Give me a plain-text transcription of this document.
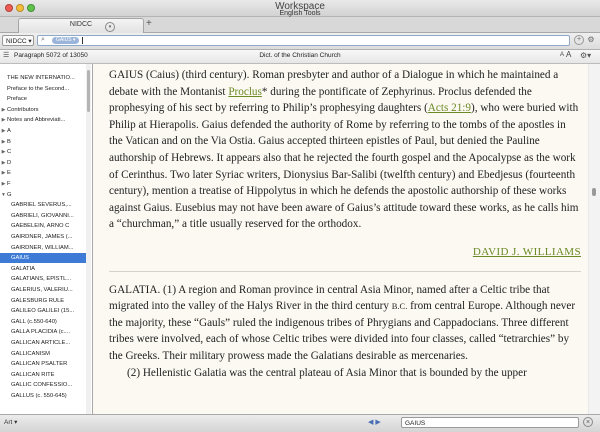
Workspace
English Tools
NIDCC	▾	+
NIDCC ▾	⌕	GAIUS ▾	+ ⚙
☰ Paragraph 5072 of 13050	Dict. of the Christian Church	A A ⚙▾
THE NEW INTERNATIO...
Preface to the Second...
Preface
▶ Contributors
▶ Notes and Abbreviati...
▶ A
▶ B
▶ C
▶ D
▶ E
▶ F
▼G
GABRIEL SEVERUS,...
GABRIELI, GIOVANNI...
GAEBELEIN, ARNO C
GAIRDNER, JAMES (...
GAIRDNER, WILLIAM...
GAIUS
GALATIA
GALATIANS, EPISTL...
GALERIUS, VALERIU...
GALESBURG RULE
GALILEO GALILEI (15...
GALL (c.550-640)
GALLA PLACIDIA (c....
GALLICAN ARTICLE...
GALLICANISM
GALLICAN PSALTER
GALLICAN RITE
GALLIC CONFESSIO...
GALLUS (c. 550-645)

GAIUS (Caius) (third century). Roman presbyter and author of a Dialogue in which he maintained a debate with the Montanist Proclus* during the pontificate of Zephyrinus. Proclus defended the prophesying of his sect by referring to Philip’s prophesying daughters (Acts 21:9), who were buried with Philip at Hierapolis. Gaius defended the authority of Rome by referring to the tombs of the apostles in the Vatican and on the Via Ostia. Gaius accepted thirteen epistles of Paul, but denied the Pauline authorship of Hebrews. It appears also that he rejected the fourth gospel and the Apocalypse as the work of Cerinthus. Two later Syriac writers, Dionysius Bar-Salibi (twelfth century) and Ebedjesus (fourteenth century), mention a treatise of Hippolytus in which he defends the apostolic authorship of these works against Gaius. Eusebius may not have been aware of Gaius’s attitude toward these works, as he calls him a “churchman,” a title usually reserved for the orthodox.

DAVID J. WILLIAMS

GALATIA. (1) A region and Roman province in central Asia Minor, named after a Celtic tribe that migrated into the valley of the Halys River in the third century B.C. from central Europe. Although never the majority, these “Gauls” ruled the indigenous tribes of Phrygians and Cappadocians. Three different tribes were involved, each of whose Celtic tribes were divided into four classes, called “tetrarchies” by the Greeks. Their military prowess made the Galatians desirable as mercenaries.

(2) Hellenistic Galatia was the central plateau of Asia Minor that is bounded by the upper

Art ▾	◀ ▶	GAIUS	×
